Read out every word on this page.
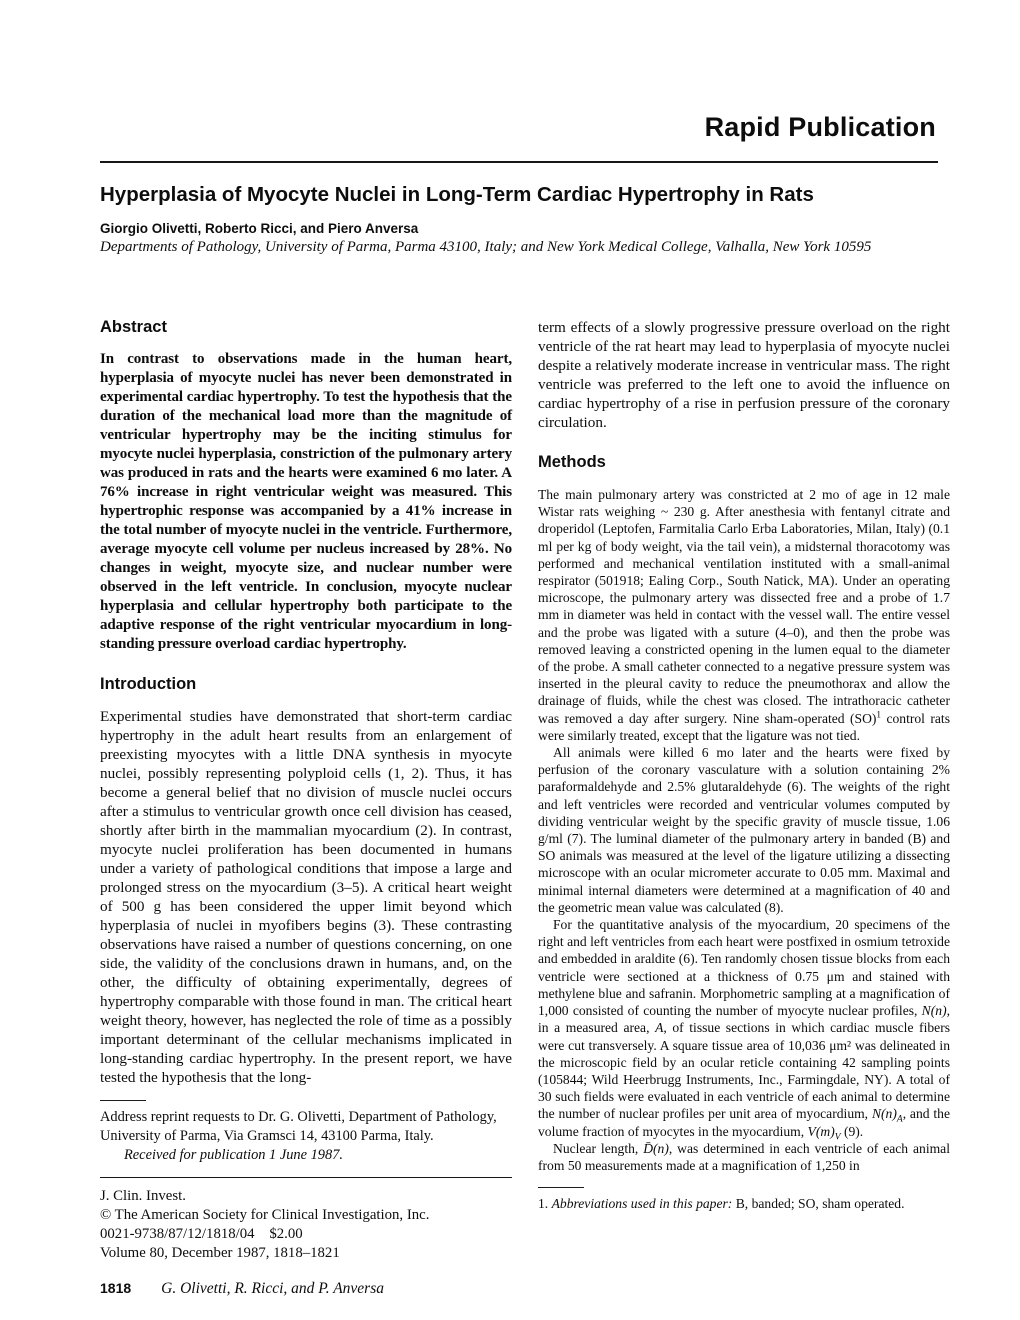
Rapid Publication
Hyperplasia of Myocyte Nuclei in Long-Term Cardiac Hypertrophy in Rats
Giorgio Olivetti, Roberto Ricci, and Piero Anversa
Departments of Pathology, University of Parma, Parma 43100, Italy; and New York Medical College, Valhalla, New York 10595
Abstract

In contrast to observations made in the human heart, hyperplasia of myocyte nuclei has never been demonstrated in experimental cardiac hypertrophy. To test the hypothesis that the duration of the mechanical load more than the magnitude of ventricular hypertrophy may be the inciting stimulus for myocyte nuclei hyperplasia, constriction of the pulmonary artery was produced in rats and the hearts were examined 6 mo later. A 76% increase in right ventricular weight was measured. This hypertrophic response was accompanied by a 41% increase in the total number of myocyte nuclei in the ventricle. Furthermore, average myocyte cell volume per nucleus increased by 28%. No changes in weight, myocyte size, and nuclear number were observed in the left ventricle. In conclusion, myocyte nuclear hyperplasia and cellular hypertrophy both participate to the adaptive response of the right ventricular myocardium in long-standing pressure overload cardiac hypertrophy.

Introduction

Experimental studies have demonstrated that short-term cardiac hypertrophy in the adult heart results from an enlargement of preexisting myocytes with a little DNA synthesis in myocyte nuclei, possibly representing polyploid cells (1, 2). Thus, it has become a general belief that no division of muscle nuclei occurs after a stimulus to ventricular growth once cell division has ceased, shortly after birth in the mammalian myocardium (2). In contrast, myocyte nuclei proliferation has been documented in humans under a variety of pathological conditions that impose a large and prolonged stress on the myocardium (3–5). A critical heart weight of 500 g has been considered the upper limit beyond which hyperplasia of nuclei in myofibers begins (3). These contrasting observations have raised a number of questions concerning, on one side, the validity of the conclusions drawn in humans, and, on the other, the difficulty of obtaining experimentally, degrees of hypertrophy comparable with those found in man. The critical heart weight theory, however, has neglected the role of time as a possibly important determinant of the cellular mechanisms implicated in long-standing cardiac hypertrophy. In the present report, we have tested the hypothesis that the long-

Address reprint requests to Dr. G. Olivetti, Department of Pathology, University of Parma, Via Gramsci 14, 43100 Parma, Italy.

Received for publication 1 June 1987.

J. Clin. Invest.

© The American Society for Clinical Investigation, Inc.

0021-9738/87/12/1818/04 $2.00

Volume 80, December 1987, 1818–1821

1818 G. Olivetti, R. Ricci, and P. Anversa

term effects of a slowly progressive pressure overload on the right ventricle of the rat heart may lead to hyperplasia of myocyte nuclei despite a relatively moderate increase in ventricular mass. The right ventricle was preferred to the left one to avoid the influence on cardiac hypertrophy of a rise in perfusion pressure of the coronary circulation.

Methods

The main pulmonary artery was constricted at 2 mo of age in 12 male Wistar rats weighing ~ 230 g. After anesthesia with fentanyl citrate and droperidol (Leptofen, Farmitalia Carlo Erba Laboratories, Milan, Italy) (0.1 ml per kg of body weight, via the tail vein), a midsternal thoracotomy was performed and mechanical ventilation instituted with a small-animal respirator (501918; Ealing Corp., South Natick, MA). Under an operating microscope, the pulmonary artery was dissected free and a probe of 1.7 mm in diameter was held in contact with the vessel wall. The entire vessel and the probe was ligated with a suture (4–0), and then the probe was removed leaving a constricted opening in the lumen equal to the diameter of the probe. A small catheter connected to a negative pressure system was inserted in the pleural cavity to reduce the pneumothorax and allow the drainage of fluids, while the chest was closed. The intrathoracic catheter was removed a day after surgery. Nine sham-operated (SO)$^1$ control rats were similarly treated, except that the ligature was not tied.

All animals were killed 6 mo later and the hearts were fixed by perfusion of the coronary vasculature with a solution containing 2% paraformaldehyde and 2.5% glutaraldehyde (6). The weights of the right and left ventricles were recorded and ventricular volumes computed by dividing ventricular weight by the specific gravity of muscle tissue, 1.06 g/ml (7). The luminal diameter of the pulmonary artery in banded (B) and SO animals was measured at the level of the ligature utilizing a dissecting microscope with an ocular micrometer accurate to 0.05 mm. Maximal and minimal internal diameters were determined at a magnification of 40 and the geometric mean value was calculated (8).

For the quantitative analysis of the myocardium, 20 specimens of the right and left ventricles from each heart were postfixed in osmium tetroxide and embedded in araldite (6). Ten randomly chosen tissue blocks from each ventricle were sectioned at a thickness of 0.75 μm and stained with methylene blue and safranin. Morphometric sampling at a magnification of 1,000 consisted of counting the number of myocyte nuclear profiles, N(n), in a measured area, A, of tissue sections in which cardiac muscle fibers were cut transversely. A square tissue area of 10,036 μm² was delineated in the microscopic field by an ocular reticle containing 42 sampling points (105844; Wild Heerbrugg Instruments, Inc., Farmingdale, NY). A total of 30 such fields were evaluated in each ventricle of each animal to determine the number of nuclear profiles per unit area of myocardium, $N(n)_A$, and the volume fraction of myocytes in the myocardium, $V(m)_V$ (9).

Nuclear length, D̄(n), was determined in each ventricle of each animal from 50 measurements made at a magnification of 1,250 in

1. Abbreviations used in this paper: B, banded; SO, sham operated.
